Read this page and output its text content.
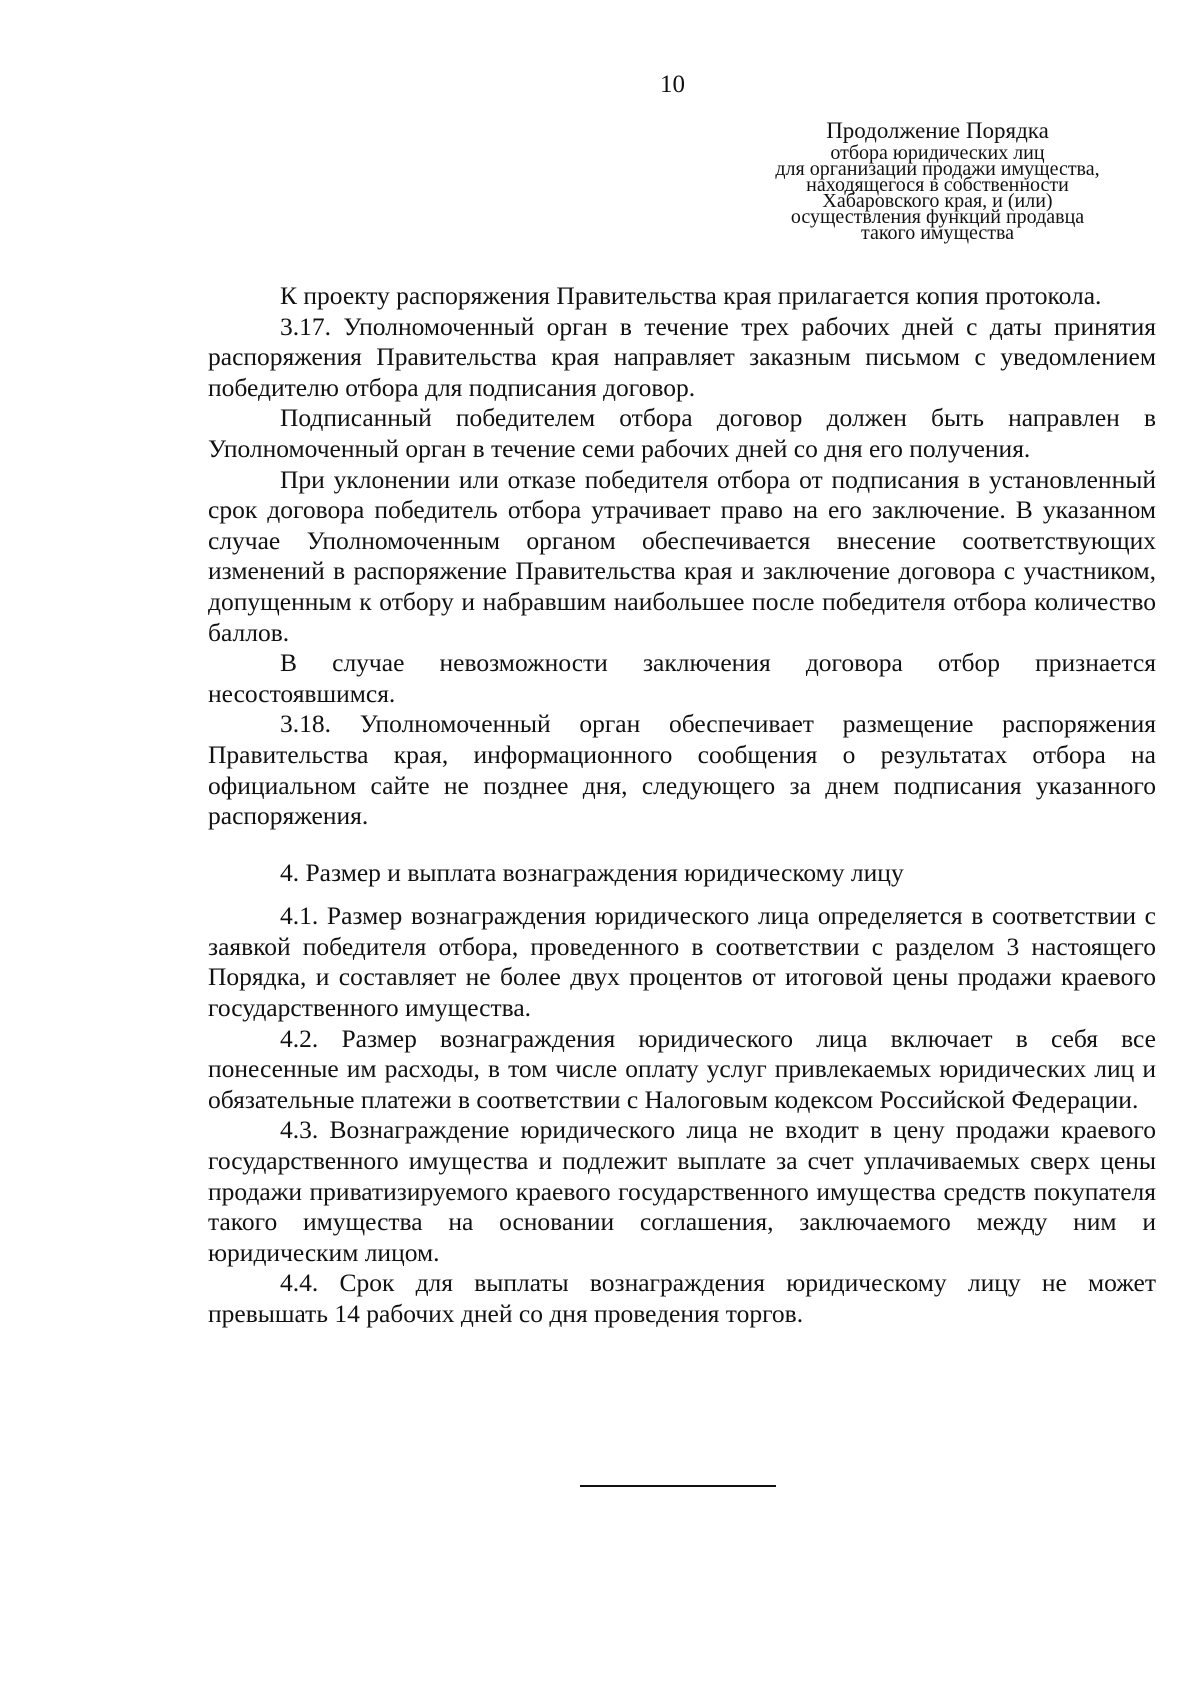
10
Продолжение Порядка
отбора юридических лиц
для организации продажи имущества,
находящегося в собственности
Хабаровского края, и (или)
осуществления функций продавца
такого имущества

К проекту распоряжения Правительства края прилагается копия протокола.

3.17. Уполномоченный орган в течение трех рабочих дней с даты принятия распоряжения Правительства края направляет заказным письмом с уведомлением победителю отбора для подписания договор.

Подписанный победителем отбора договор должен быть направлен в Уполномоченный орган в течение семи рабочих дней со дня его получения.

При уклонении или отказе победителя отбора от подписания в установленный срок договора победитель отбора утрачивает право на его заключение. В указанном случае Уполномоченным органом обеспечивается внесение соответствующих изменений в распоряжение Правительства края и заключение договора с участником, допущенным к отбору и набравшим наибольшее после победителя отбора количество баллов.

В случае невозможности заключения договора отбор признается несостоявшимся.

3.18. Уполномоченный орган обеспечивает размещение распоряжения Правительства края, информационного сообщения о результатах отбора на официальном сайте не позднее дня, следующего за днем подписания указанного распоряжения.

4. Размер и выплата вознаграждения юридическому лицу

4.1. Размер вознаграждения юридического лица определяется в соответствии с заявкой победителя отбора, проведенного в соответствии с разделом 3 настоящего Порядка, и составляет не более двух процентов от итоговой цены продажи краевого государственного имущества.

4.2. Размер вознаграждения юридического лица включает в себя все понесенные им расходы, в том числе оплату услуг привлекаемых юридических лиц и обязательные платежи в соответствии с Налоговым кодексом Российской Федерации.

4.3. Вознаграждение юридического лица не входит в цену продажи краевого государственного имущества и подлежит выплате за счет уплачиваемых сверх цены продажи приватизируемого краевого государственного имущества средств покупателя такого имущества на основании соглашения, заключаемого между ним и юридическим лицом.

4.4. Срок для выплаты вознаграждения юридическому лицу не может превышать 14 рабочих дней со дня проведения торгов.
